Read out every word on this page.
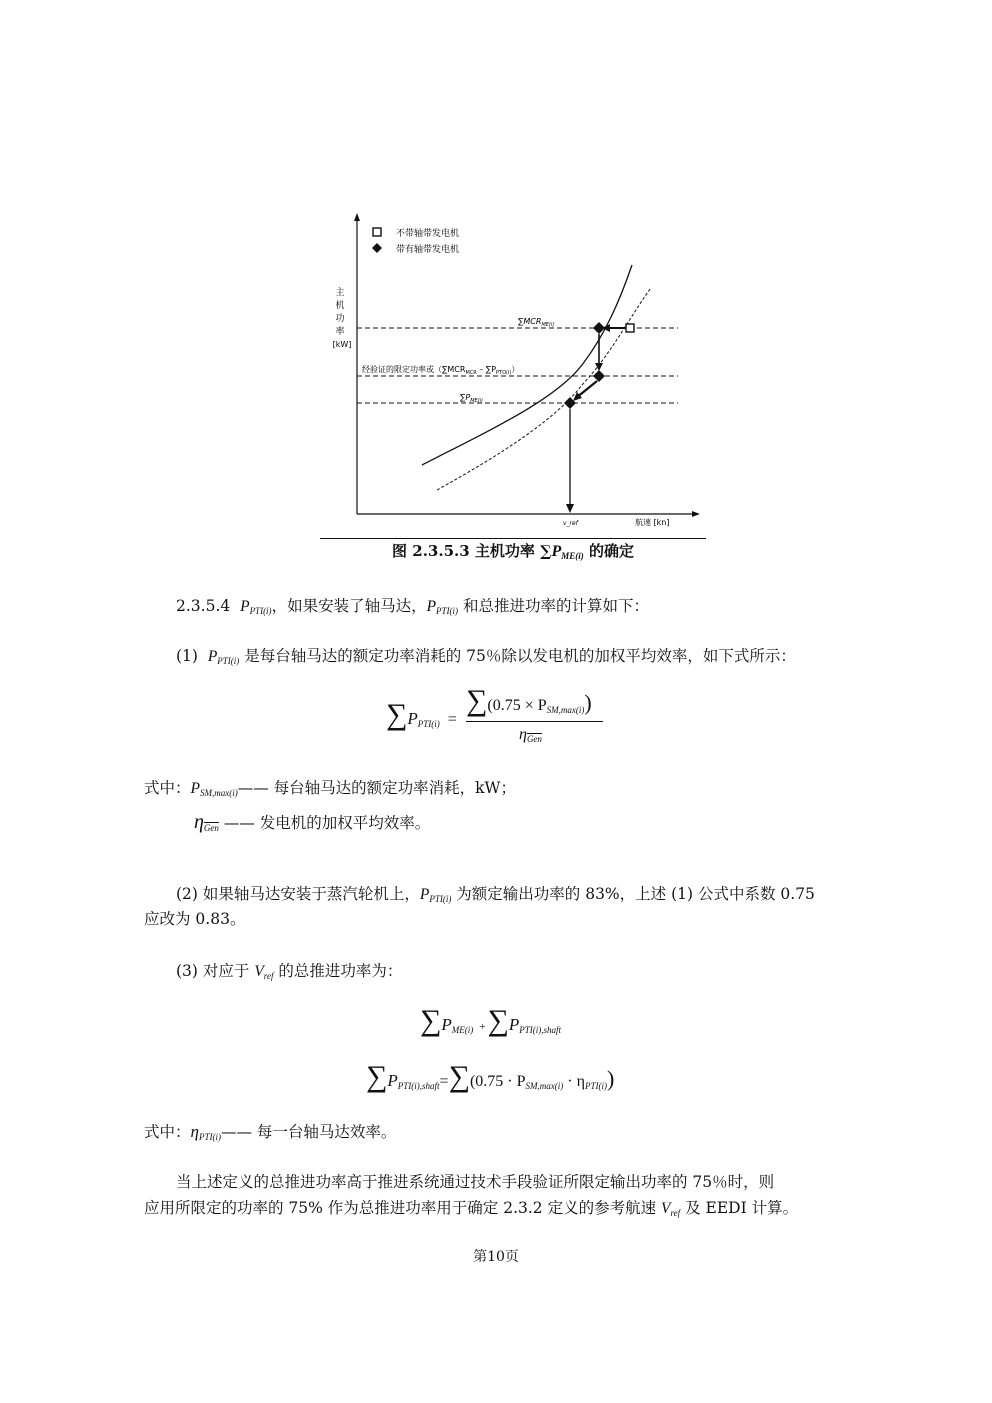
不带轴带发电机
带有轴带发电机
主
机
功
率
[kW]
$\sum MCR_{ME(i)}$
经验证的限定功率或$(\sum MCR_{MCR} - \sum P_{PTO(i)})$
$\sum P_{ME(i)}$
v_ref	航速 [kn]
图 2.3.5.3 主机功率 $\sum P_{ME(i)}$ 的确定
2.3.5.4 $P_{PTI(i)}$，如果安装了轴马达，$P_{PTI(i)}$ 和总推进功率的计算如下：
(1) $P_{PTI(i)}$ 是每台轴马达的额定功率消耗的 75％除以发电机的加权平均效率，如下式所示：
$\sum P_{PTI(i)}$ =
$\sum(0.75 \times P_{SM,max(i)})$
$\eta_{\overline{Gen}}$
式中：$P_{SM,max(i)}——$ 每台轴马达的额定功率消耗，kW；
$\eta_{\overline{Gen}}$ —— 发电机的加权平均效率。
(2) 如果轴马达安装于蒸汽轮机上，$P_{PTI(i)}$ 为额定输出功率的 83%，上述 (1) 公式中系数 0.75
应改为 0.83。
(3) 对应于 $V_{ref}$ 的总推进功率为：
$\sum P_{ME(i)} +\sum P_{PTI(i),shaft}$
$\sum P_{PTI(i),shaft}=\sum(0.75 \cdot P_{SM,max(i)} \cdot \eta_{PTI(i)})$
式中：$\eta_{PTI(i)}——$ 每一台轴马达效率。
当上述定义的总推进功率高于推进系统通过技术手段验证所限定输出功率的 75％时，则
应用所限定的功率的 75% 作为总推进功率用于确定 2.3.2 定义的参考航速 $V_{ref}$ 及 EEDI 计算。
第10页
